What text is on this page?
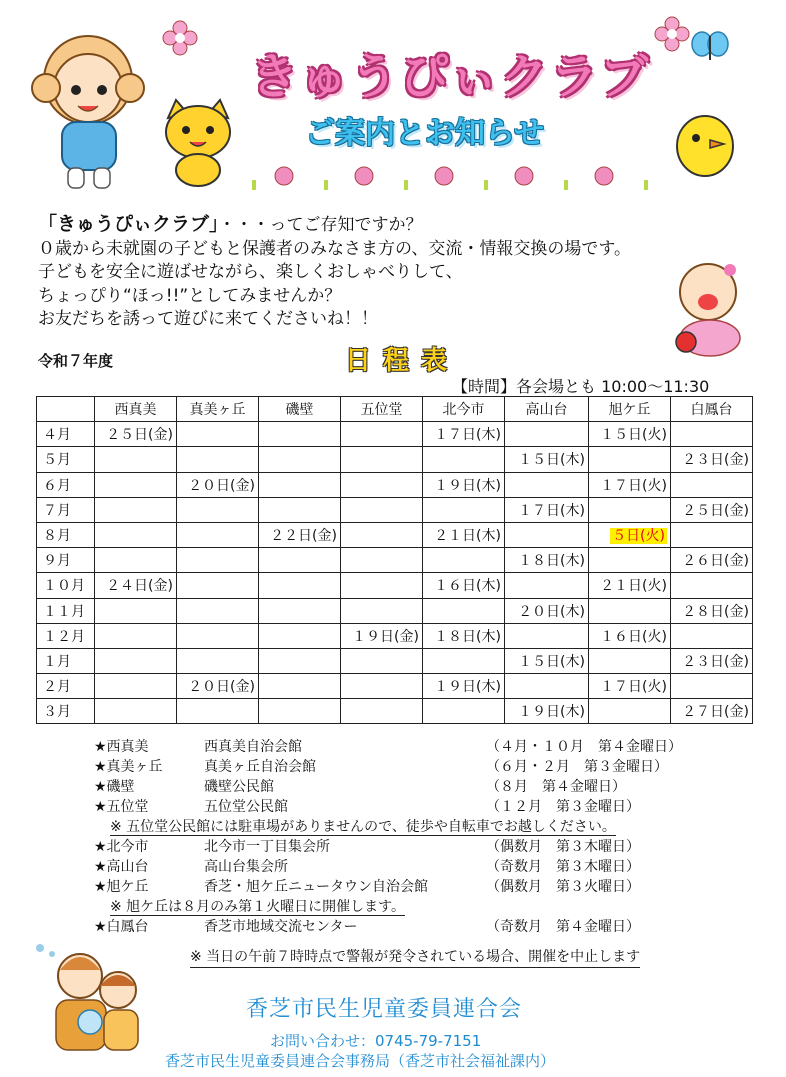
きゅうぴぃクラブ
ご案内とお知らせ
「きゅうぴぃクラブ」・・・ってご存知ですか？
０歳から未就園の子どもと保護者のみなさま方の、交流・情報交換の場です。
子どもを安全に遊ばせながら、楽しくおしゃべりして、
ちょっぴり“ほっ!!”としてみませんか？
お友だちを誘って遊びに来てくださいね！！
令和７年度	日程表
【時間】各会場とも 10:00～11:30
	西真美	真美ヶ丘	磯壁	五位堂	北今市	高山台	旭ケ丘	白鳳台
４月	２５日(金)				１７日(木)		１５日(火)	
５月						１５日(木)		２３日(金)
６月		２０日(金)			１９日(木)		１７日(火)	
７月						１７日(木)		２５日(金)
８月			２２日(金)		２１日(木)		５日(火)	
９月						１８日(木)		２６日(金)
１０月	２４日(金)				１６日(木)		２１日(火)	
１１月						２０日(木)		２８日(金)
１２月				１９日(金)	１８日(木)		１６日(火)	
１月						１５日(木)		２３日(金)
２月		２０日(金)			１９日(木)		１７日(火)	
３月						１９日(木)		２７日(金)
★西真美	西真美自治会館	（４月・１０月　第４金曜日）
★真美ヶ丘	真美ヶ丘自治会館	（６月・２月　第３金曜日）
★磯壁	磯壁公民館	（８月　第４金曜日）
★五位堂	五位堂公民館	（１２月　第３金曜日）
※ 五位堂公民館には駐車場がありませんので、徒歩や自転車でお越しください。		
★北今市	北今市一丁目集会所	（偶数月　第３木曜日）
★高山台	高山台集会所	（奇数月　第３木曜日）
★旭ケ丘	香芝・旭ケ丘ニュータウン自治会館	（偶数月　第３火曜日）
※ 旭ケ丘は８月のみ第１火曜日に開催します。		
★白鳳台	香芝市地域交流センター	（奇数月　第４金曜日）
※ 当日の午前７時時点で警報が発令されている場合、開催を中止します
香芝市民生児童委員連合会
お問い合わせ：0745-79-7151
香芝市民生児童委員連合会事務局（香芝市社会福祉課内）
